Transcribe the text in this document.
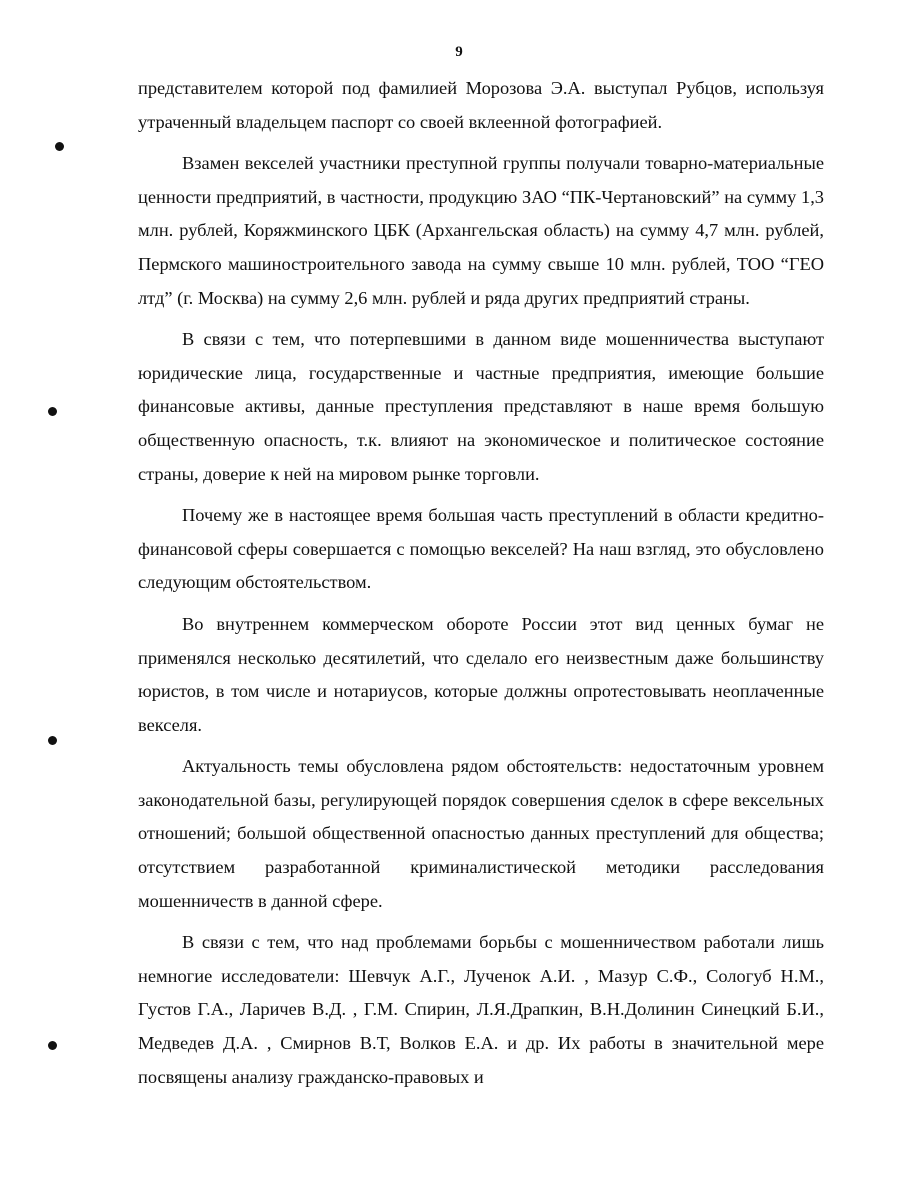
9

представителем которой под фамилией Морозова Э.А. выступал Рубцов, используя утраченный владельцем паспорт со своей вклеенной фотографией.

Взамен векселей участники преступной группы получали товарно-материальные ценности предприятий, в частности, продукцию ЗАО “ПК-Чертановский” на сумму 1,3 млн. рублей, Коряжминского ЦБК (Архангельская область) на сумму 4,7 млн. рублей, Пермского машиностроительного завода на сумму свыше 10 млн. рублей, ТОО “ГЕО лтд” (г. Москва) на сумму 2,6 млн. рублей и ряда других предприятий страны.

В связи с тем, что потерпевшими в данном виде мошенничества выступают юридические лица, государственные и частные предприятия, имеющие большие финансовые активы, данные преступления представляют в наше время большую общественную опасность, т.к. влияют на экономическое и политическое состояние страны, доверие к ней на мировом рынке торговли.

Почему же в настоящее время большая часть преступлений в области кредитно-финансовой сферы совершается с помощью векселей? На наш взгляд, это обусловлено следующим обстоятельством.

Во внутреннем коммерческом обороте России этот вид ценных бумаг не применялся несколько десятилетий, что сделало его неизвестным даже большинству юристов, в том числе и нотариусов, которые должны опротестовывать неоплаченные векселя.

Актуальность темы обусловлена рядом обстоятельств: недостаточным уровнем законодательной базы, регулирующей порядок совершения сделок в сфере вексельных отношений; большой общественной опасностью данных преступлений для общества; отсутствием разработанной криминалистической методики расследования мошенничеств в данной сфере.

В связи с тем, что над проблемами борьбы с мошенничеством работали лишь немногие исследователи: Шевчук А.Г., Лученок А.И. , Мазур С.Ф., Сологуб Н.М., Густов Г.А., Ларичев В.Д. , Г.М. Спирин, Л.Я.Драпкин, В.Н.Долинин Синецкий Б.И., Медведев Д.А. , Смирнов В.Т, Волков Е.А. и др. Их работы в значительной мере посвящены анализу гражданско-правовых и
